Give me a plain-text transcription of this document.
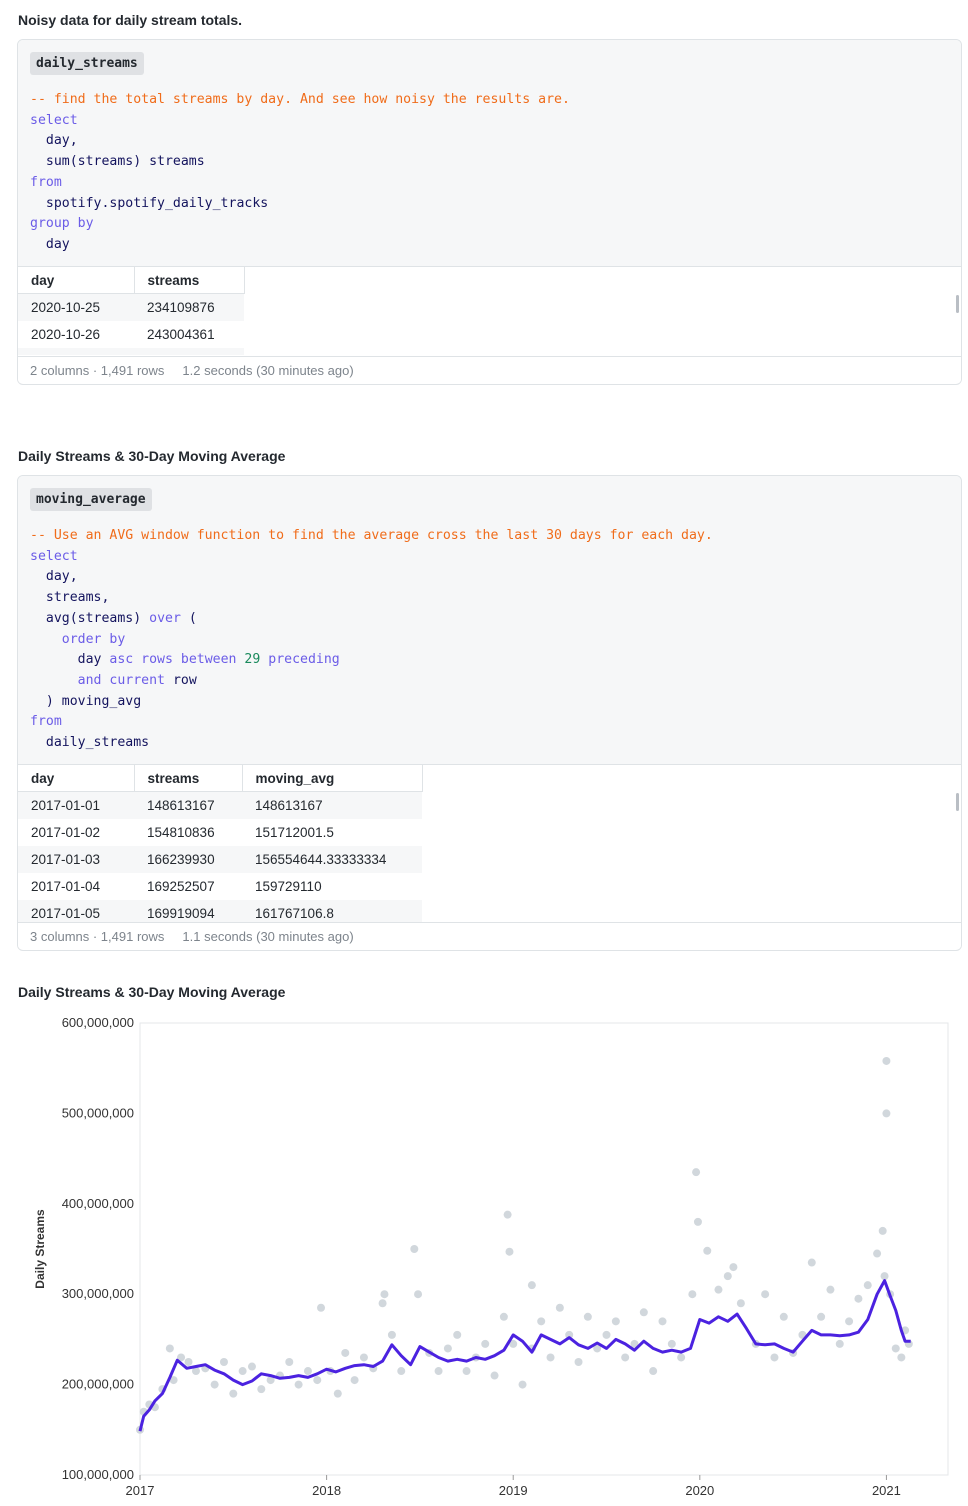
Noisy data for daily stream totals.
daily_streams
-- find the total streams by day. And see how noisy the results are.
select
day,
sum(streams) streams
from
spotify.spotify_daily_tracks
group by
day
day	streams
2020-10-25	234109876
2020-10-26	243004361

2 columns · 1,491 rows 1.2 seconds (30 minutes ago)
Daily Streams & 30-Day Moving Average
moving_average
-- Use an AVG window function to find the average cross the last 30 days for each day.
select
day,
streams,
avg(streams) over (
order by
day asc rows between 29 preceding
and current row
) moving_avg
from
daily_streams
day	streams	moving_avg
2017-01-01	148613167	148613167
2017-01-02	154810836	151712001.5
2017-01-03	166239930	156554644.33333334
2017-01-04	169252507	159729110
2017-01-05	169919094	161767106.8
3 columns · 1,491 rows 1.1 seconds (30 minutes ago)
Daily Streams & 30-Day Moving Average
100,000,000
200,000,000
300,000,000
400,000,000
500,000,000
600,000,000
2017	2018	2019	2020	2021
Daily Streams
